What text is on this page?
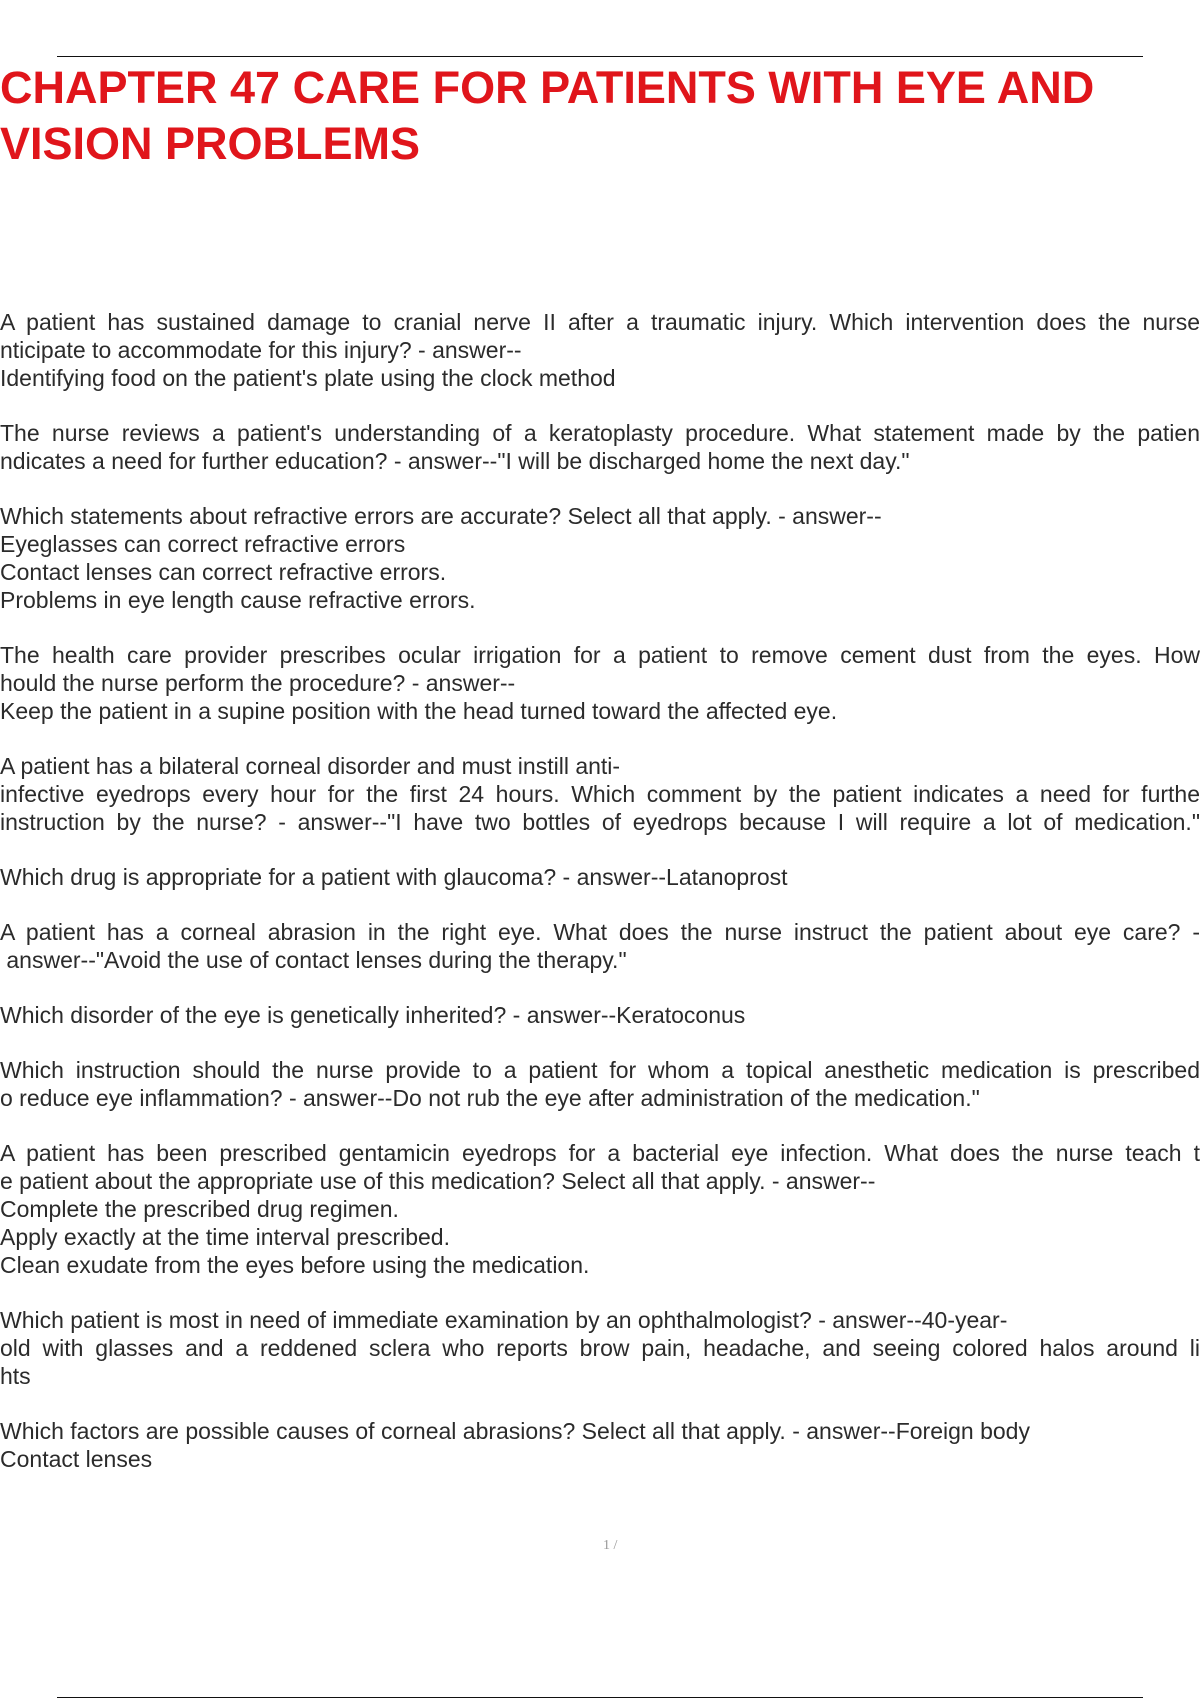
CHAPTER 47 CARE FOR PATIENTS WITH EYE AND
VISION PROBLEMS
A patient has sustained damage to cranial nerve II after a traumatic injury. Which intervention does the nurse
nticipate to accommodate for this injury? - answer--
Identifying food on the patient's plate using the clock method
The nurse reviews a patient's understanding of a keratoplasty procedure. What statement made by the patien
ndicates a need for further education? - answer--"I will be discharged home the next day."
Which statements about refractive errors are accurate? Select all that apply. - answer--
Eyeglasses can correct refractive errors
Contact lenses can correct refractive errors.
Problems in eye length cause refractive errors.
The health care provider prescribes ocular irrigation for a patient to remove cement dust from the eyes. How
hould the nurse perform the procedure? - answer--
Keep the patient in a supine position with the head turned toward the affected eye.
A patient has a bilateral corneal disorder and must instill anti-
infective eyedrops every hour for the first 24 hours. Which comment by the patient indicates a need for furthe
instruction by the nurse? - answer--"I have two bottles of eyedrops because I will require a lot of medication."
Which drug is appropriate for a patient with glaucoma? - answer--Latanoprost
A patient has a corneal abrasion in the right eye. What does the nurse instruct the patient about eye care? -
answer--"Avoid the use of contact lenses during the therapy."
Which disorder of the eye is genetically inherited? - answer--Keratoconus
Which instruction should the nurse provide to a patient for whom a topical anesthetic medication is prescribed
o reduce eye inflammation? - answer--Do not rub the eye after administration of the medication."
A patient has been prescribed gentamicin eyedrops for a bacterial eye infection. What does the nurse teach t
e patient about the appropriate use of this medication? Select all that apply. - answer--
Complete the prescribed drug regimen.
Apply exactly at the time interval prescribed.
Clean exudate from the eyes before using the medication.
Which patient is most in need of immediate examination by an ophthalmologist? - answer--40-year-
old with glasses and a reddened sclera who reports brow pain, headache, and seeing colored halos around li
hts
Which factors are possible causes of corneal abrasions? Select all that apply. - answer--Foreign body
Contact lenses
1 /
